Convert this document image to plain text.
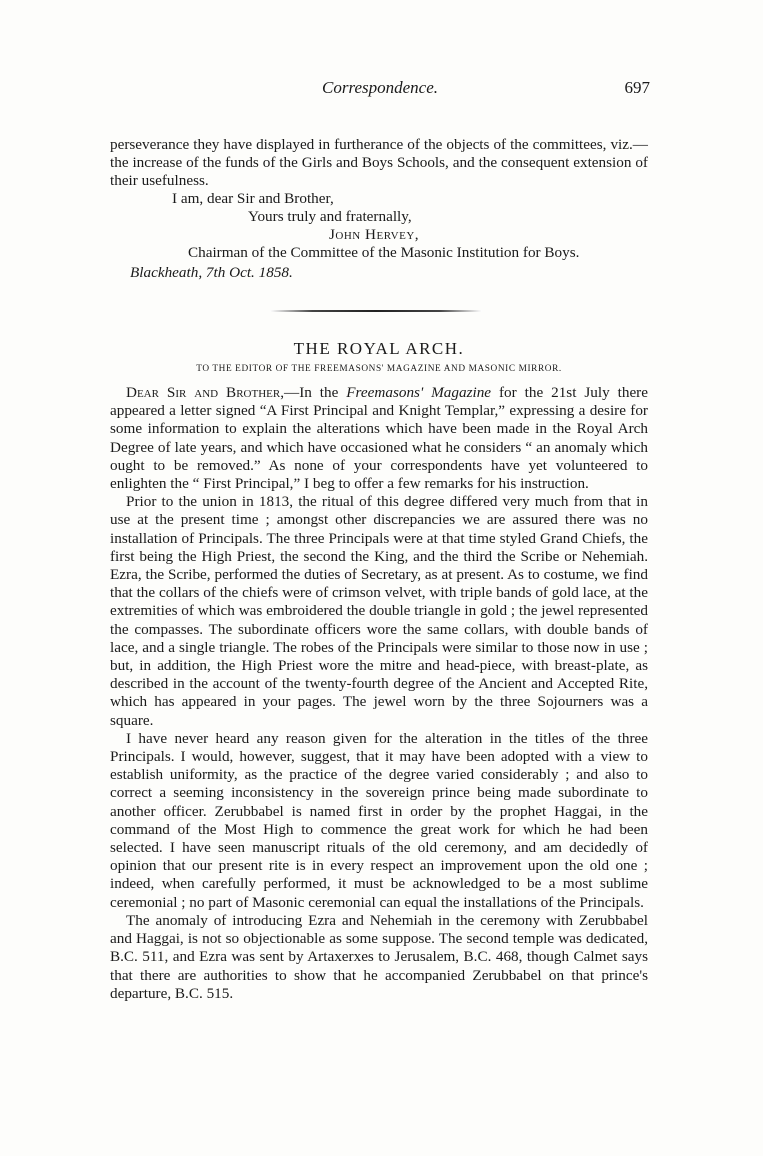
Correspondence.	697

perseverance they have displayed in furtherance of the objects of the committees, viz.—the increase of the funds of the Girls and Boys Schools, and the consequent extension of their usefulness.

I am, dear Sir and Brother,
Yours truly and fraternally,
John Hervey,
Chairman of the Committee of the Masonic Institution for Boys.
Blackheath, 7th Oct. 1858.
THE ROYAL ARCH.
TO THE EDITOR OF THE FREEMASONS' MAGAZINE AND MASONIC MIRROR.

Dear Sir and Brother,—In the Freemasons' Magazine for the 21st July there appeared a letter signed “A First Principal and Knight Templar,” expressing a desire for some information to explain the alterations which have been made in the Royal Arch Degree of late years, and which have occasioned what he considers “ an anomaly which ought to be removed.” As none of your correspondents have yet volunteered to enlighten the “ First Principal,” I beg to offer a few remarks for his instruction.

Prior to the union in 1813, the ritual of this degree differed very much from that in use at the present time ; amongst other discrepancies we are assured there was no installation of Principals. The three Principals were at that time styled Grand Chiefs, the first being the High Priest, the second the King, and the third the Scribe or Nehemiah. Ezra, the Scribe, performed the duties of Secretary, as at present. As to costume, we find that the collars of the chiefs were of crimson velvet, with triple bands of gold lace, at the extremities of which was embroidered the double triangle in gold ; the jewel represented the compasses. The subordinate officers wore the same collars, with double bands of lace, and a single triangle. The robes of the Principals were similar to those now in use ; but, in addition, the High Priest wore the mitre and head-piece, with breast-plate, as described in the account of the twenty-fourth degree of the Ancient and Accepted Rite, which has appeared in your pages. The jewel worn by the three Sojourners was a square.

I have never heard any reason given for the alteration in the titles of the three Principals. I would, however, suggest, that it may have been adopted with a view to establish uniformity, as the practice of the degree varied considerably ; and also to correct a seeming inconsistency in the sovereign prince being made subordinate to another officer. Zerubbabel is named first in order by the prophet Haggai, in the command of the Most High to commence the great work for which he had been selected. I have seen manuscript rituals of the old ceremony, and am decidedly of opinion that our present rite is in every respect an improvement upon the old one ; indeed, when carefully performed, it must be acknowledged to be a most sublime ceremonial ; no part of Masonic ceremonial can equal the installations of the Principals.

The anomaly of introducing Ezra and Nehemiah in the ceremony with Zerubbabel and Haggai, is not so objectionable as some suppose. The second temple was dedicated, B.C. 511, and Ezra was sent by Artaxerxes to Jerusalem, B.C. 468, though Calmet says that there are authorities to show that he accompanied Zerubbabel on that prince's departure, B.C. 515.
